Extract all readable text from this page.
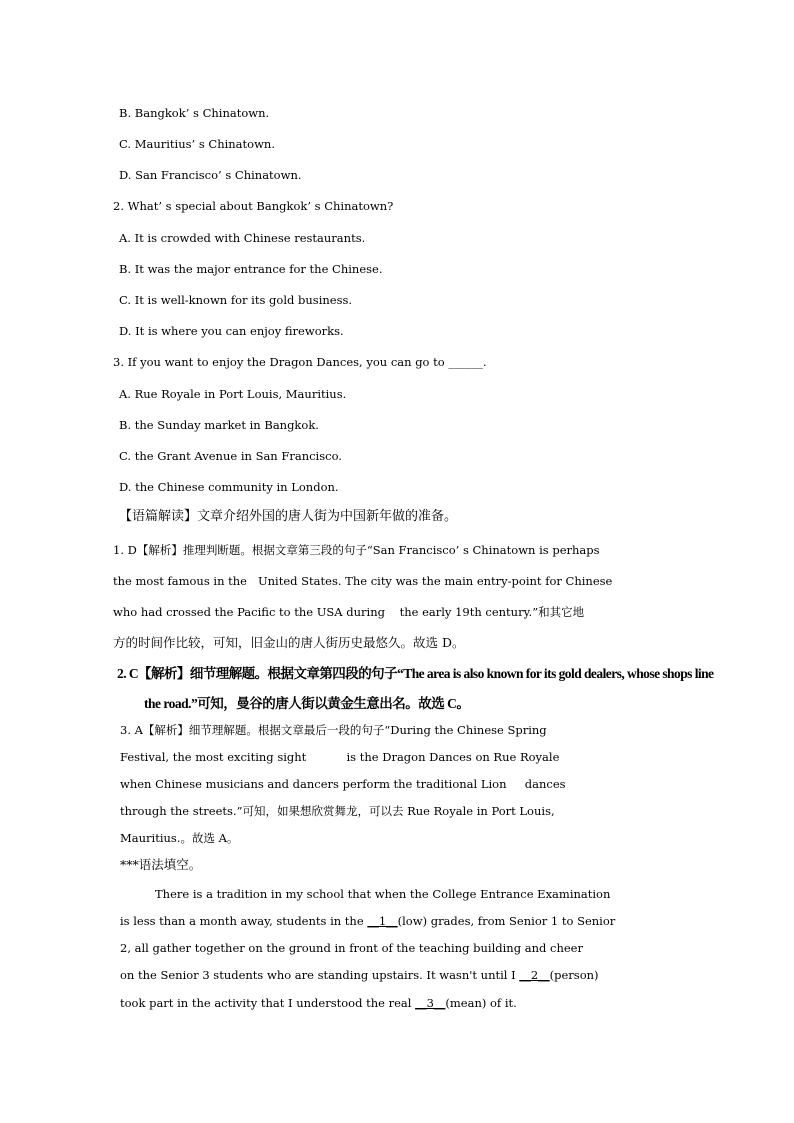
B. Bangkok’ s Chinatown.
C. Mauritius’ s Chinatown.
D. San Francisco’ s Chinatown.
2. What’ s special about Bangkok’ s Chinatown?
A. It is crowded with Chinese restaurants.
B. It was the major entrance for the Chinese.
C. It is well-known for its gold business.
D. It is where you can enjoy fireworks.
3. If you want to enjoy the Dragon Dances, you can go to ______.
A. Rue Royale in Port Louis, Mauritius.
B. the Sunday market in Bangkok.
C. the Grant Avenue in San Francisco.
D. the Chinese community in London.
【语篇解读】文章介绍外国的唐人街为中国新年做的准备。
1. D【解析】推理判断题。根据文章第三段的句子“San Francisco’ s Chinatown is perhaps
the most famous in the   United States. The city was the main entry-point for Chinese
who had crossed the Pacific to the USA during    the early 19th century.”和其它地
方的时间作比较，可知，旧金山的唐人街历史最悠久。故选 D。
2. C【解析】细节理解题。根据文章第四段的句子“The area is also known for its gold dealers, whose shops line
the road.”可知，曼谷的唐人街以黄金生意出名。故选 C。
3. A【解析】细节理解题。根据文章最后一段的句子“During the Chinese Spring
Festival, the most exciting sight           is the Dragon Dances on Rue Royale
when Chinese musicians and dancers perform the traditional Lion     dances
through the streets.”可知，如果想欣赏舞龙，可以去 Rue Royale in Port Louis,
Mauritius.。故选 A。
***语法填空。
There is a tradition in my school that when the College Entrance Examination
is less than a month away, students in the __1__(low) grades, from Senior 1 to Senior
2, all gather together on the ground in front of the teaching building and cheer
on the Senior 3 students who are standing upstairs. It wasn't until I __2__(person)
took part in the activity that I understood the real __3__(mean) of it.
